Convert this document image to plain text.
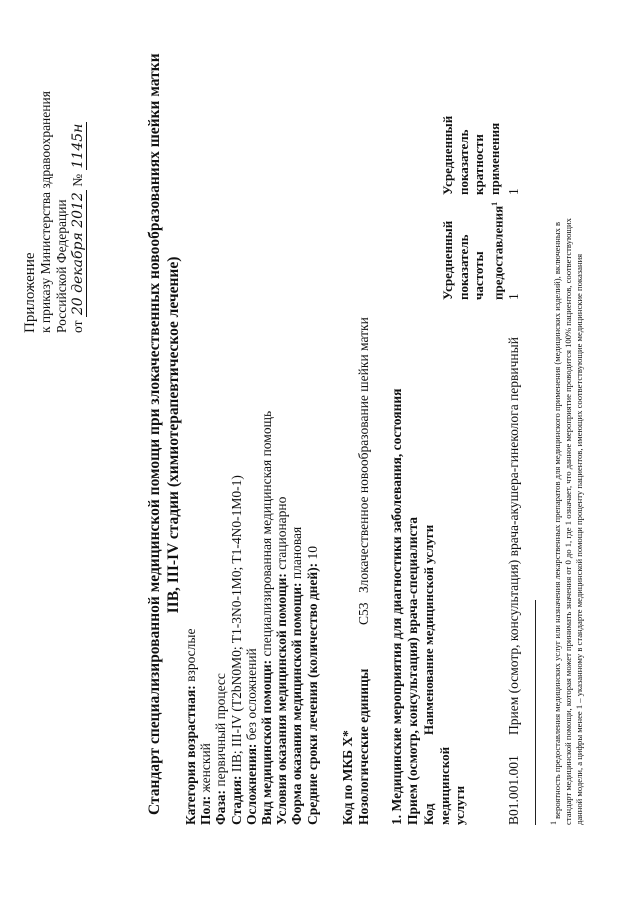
Приложение к приказу Министерства здравоохранения Российской Федерации от 20 декабря 2012 № 1145н	Стандарт специализированной медицинской помощи при злокачественных новообразованиях шейки матки IIB, III-IV стадии (химиотерапевтическое лечение)
Категория возрастная: взрослые
Пол: женский
Фаза: первичный процесс
Стадия: IIB; III-IV (T2bN0M0; T1-3N0-1M0; T1-4N0-1M0-1)
Осложнения: без осложнений Вид медицинской помощи: специализированная медицинская помощь
Условия оказания медицинской помощи: стационарно
Форма оказания медицинской помощи: плановая
Средние сроки лечения (количество дней): 10
Код по МКБ X* Нозологические единицы
C53
Злокачественное новообразование шейки матки 1. Медицинские мероприятия для диагностики заболевания, состояния Прием (осмотр, консультация) врача-специалиста Код медицинской услуги
Наименование медицинской услуги
Усредненный показатель частоты предоставления$^1$
Усредненный показатель кратности применения
B01.001.001
Прием (осмотр, консультация) врача-акушера-гинеколога первичный
1
1
$^1$ вероятность предоставления медицинских услуг или назначения лекарственных препаратов для медицинского применения (медицинских изделий), включенных в стандарт медицинской помощи, которая может принимать значения от 0 до 1, где 1 означает, что данное мероприятие проводится 100% пациентов, соответствующих данной модели, а цифры менее 1 – указанному в стандарте медицинской помощи проценту пациентов, имеющих соответствующие медицинские показания
